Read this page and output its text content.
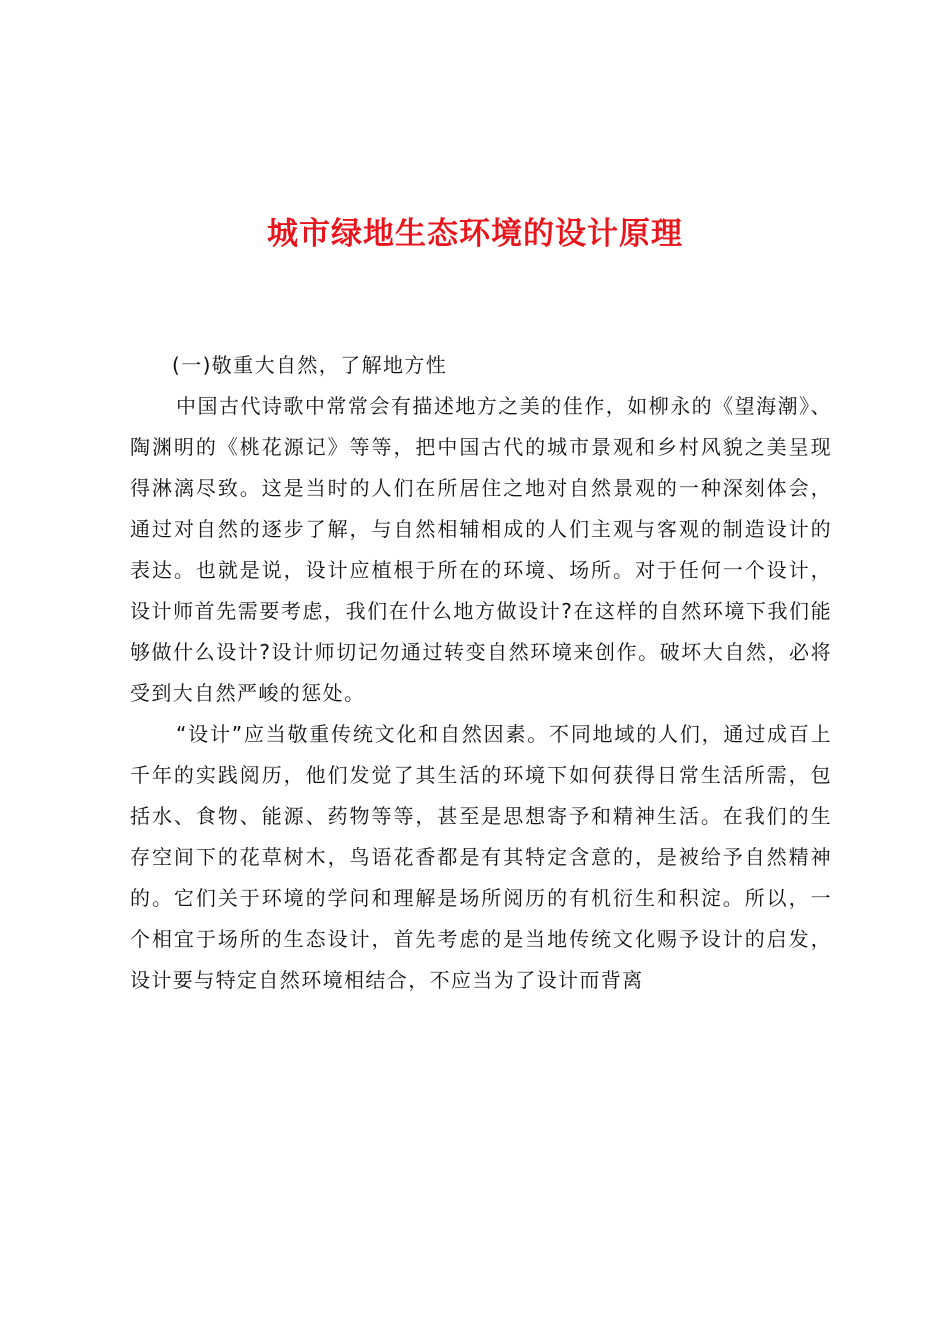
城市绿地生态环境的设计原理

(一)敬重大自然，了解地方性

中国古代诗歌中常常会有描述地方之美的佳作，如柳永的《望海潮》、陶渊明的《桃花源记》等等，把中国古代的城市景观和乡村风貌之美呈现得淋漓尽致。这是当时的人们在所居住之地对自然景观的一种深刻体会，通过对自然的逐步了解，与自然相辅相成的人们主观与客观的制造设计的表达。也就是说，设计应植根于所在的环境、场所。对于任何一个设计，设计师首先需要考虑，我们在什么地方做设计?在这样的自然环境下我们能够做什么设计?设计师切记勿通过转变自然环境来创作。破坏大自然，必将受到大自然严峻的惩处。

“设计”应当敬重传统文化和自然因素。不同地域的人们，通过成百上千年的实践阅历，他们发觉了其生活的环境下如何获得日常生活所需，包括水、食物、能源、药物等等，甚至是思想寄予和精神生活。在我们的生存空间下的花草树木，鸟语花香都是有其特定含意的，是被给予自然精神的。它们关于环境的学问和理解是场所阅历的有机衍生和积淀。所以，一个相宜于场所的生态设计，首先考虑的是当地传统文化赐予设计的启发，设计要与特定自然环境相结合，不应当为了设计而背离
